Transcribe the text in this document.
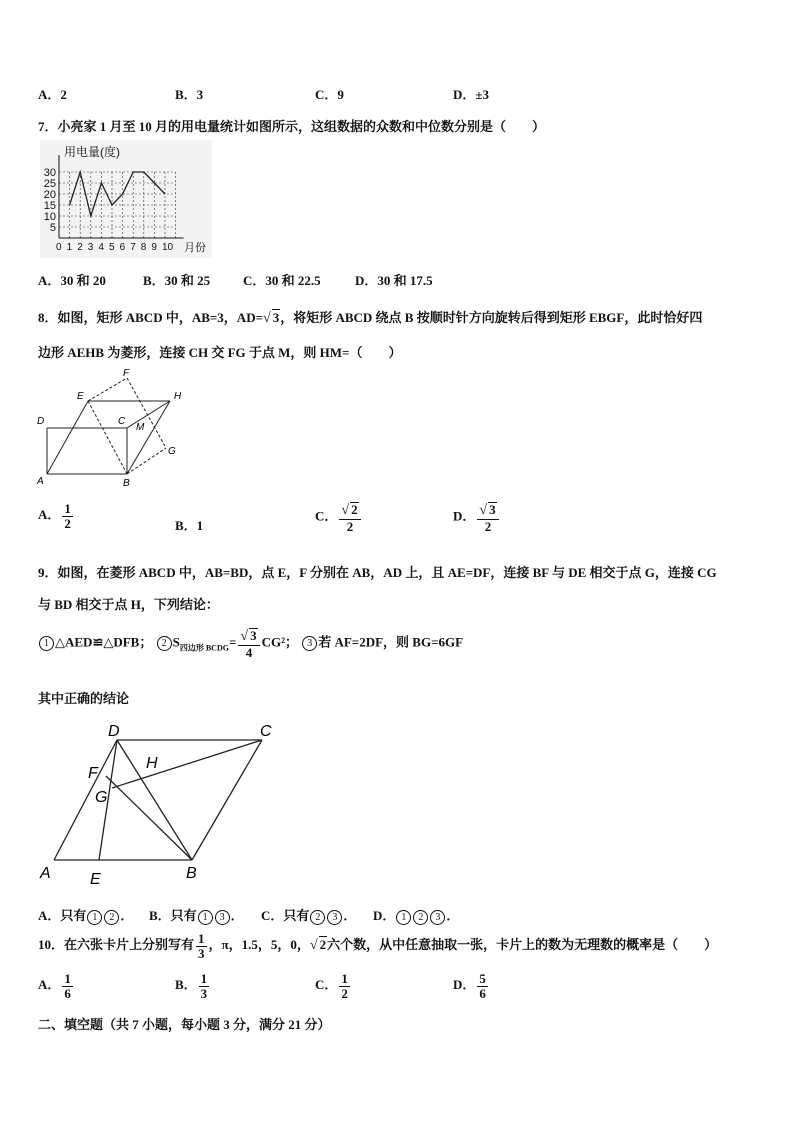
A．2	B．3	C．9	D．±3
7．小亮家 1 月至 10 月的用电量统计如图所示，这组数据的众数和中位数分别是（　　）
0 1 2 3 4 5 6 7 8 9 10
5
10
15
20
25
30
用电量(度)
月份
A．30 和 20	B．30 和 25	C．30 和 22.5	D．30 和 17.5
8．如图，矩形 ABCD 中，AB=3，AD=√ 3，将矩形 ABCD 绕点 B 按顺时针方向旋转后得到矩形 EBGF，此时恰好四
边形 AEHB 为菱形，连接 CH 交 FG 于点 M，则 HM=（　　）
F
E	H
D	C
M
G
A	B
A． $\frac{1}{2}$	B．1
C． $\frac{√ 2}{2}$	D． $\frac{√ 3}{2}$
9．如图，在菱形 ABCD 中，AB=BD，点 E，F 分别在 AB，AD 上，且 AE=DF，连接 BF 与 DE 相交于点 G，连接 CG
与 BD 相交于点 H，下列结论：
1 △AED≌△DFB； 2 $S_{四边形 BCDG}= \frac{√ 3}{4} CG^2$； 3 若 AF=2DF，则 BG=6GF
其中正确的结论
D	C
H
F
G
A E	B
A．只有 1 2 ． B．只有 1 3 ． C．只有 2 3 ． D． 1 2 3 ．
10．在六张卡片上分别写有 $\frac{1}{3}$ ，π，1.5，5，0，√ 2六个数，从中任意抽取一张，卡片上的数为无理数的概率是（　　）
A． $\frac{1}{6}$	B． $\frac{1}{3}$	C． $\frac{1}{2}$	D． $\frac{5}{6}$
二、填空题（共 7 小题，每小题 3 分，满分 21 分）
